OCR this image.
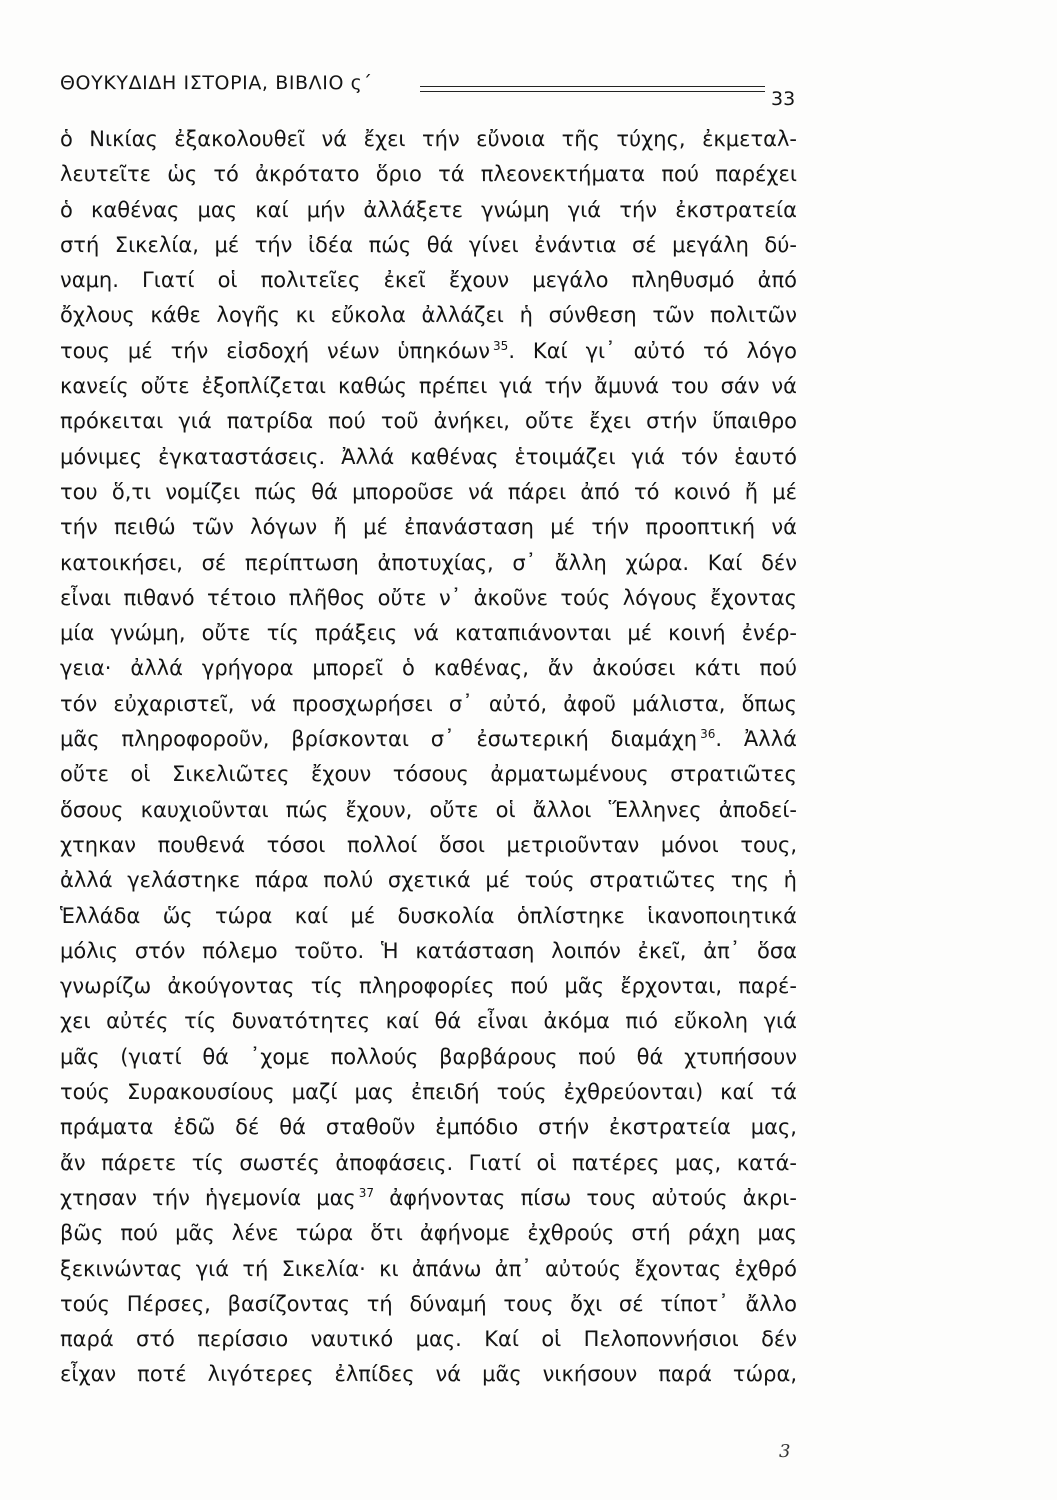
ΘΟΥΚΥΔΙΔΗ ΙΣΤΟΡΙΑ, ΒΙΒΛΙΟ ς΄
33
ὁ Νικίας ἐξακολουθεῖ νά ἔχει τήν εὔνοια τῆς τύχης, ἐκμεταλ-
λευτεῖτε ὡς τό ἀκρότατο ὅριο τά πλεονεκτήματα πού παρέχει
ὁ καθένας μας καί μήν ἀλλάξετε γνώμη γιά τήν ἐκστρατεία
στή Σικελία, μέ τήν ἰδέα πώς θά γίνει ἐνάντια σέ μεγάλη δύ-
ναμη. Γιατί οἱ πολιτεῖες ἐκεῖ ἔχουν μεγάλο πληθυσμό ἀπό
ὄχλους κάθε λογῆς κι εὔκολα ἀλλάζει ἡ σύνθεση τῶν πολιτῶν
τους μέ τήν εἰσδοχή νέων ὑπηκόων $^{35}$. Καί γι᾽ αὐτό τό λόγο
κανείς οὔτε ἐξοπλίζεται καθώς πρέπει γιά τήν ἄμυνά του σάν νά
πρόκειται γιά πατρίδα πού τοῦ ἀνήκει, οὔτε ἔχει στήν ὕπαιθρο
μόνιμες ἐγκαταστάσεις. Ἀλλά καθένας ἑτοιμάζει γιά τόν ἑαυτό
του ὅ,τι νομίζει πώς θά μποροῦσε νά πάρει ἀπό τό κοινό ἤ μέ
τήν πειθώ τῶν λόγων ἤ μέ ἐπανάσταση μέ τήν προοπτική νά
κατοικήσει, σέ περίπτωση ἀποτυχίας, σ᾽ ἄλλη χώρα. Καί δέν
εἶναι πιθανό τέτοιο πλῆθος οὔτε ν᾽ ἀκοῦνε τούς λόγους ἔχοντας
μία γνώμη, οὔτε τίς πράξεις νά καταπιάνονται μέ κοινή ἐνέρ-
γεια· ἀλλά γρήγορα μπορεῖ ὁ καθένας, ἄν ἀκούσει κάτι πού
τόν εὐχαριστεῖ, νά προσχωρήσει σ᾽ αὐτό, ἀφοῦ μάλιστα, ὅπως
μᾶς πληροφοροῦν, βρίσκονται σ᾽ ἐσωτερική διαμάχη $^{36}$. Ἀλλά
οὔτε οἱ Σικελιῶτες ἔχουν τόσους ἀρματωμένους στρατιῶτες
ὅσους καυχιοῦνται πώς ἔχουν, οὔτε οἱ ἄλλοι Ἕλληνες ἀποδεί-
χτηκαν πουθενά τόσοι πολλοί ὅσοι μετριοῦνταν μόνοι τους,
ἀλλά γελάστηκε πάρα πολύ σχετικά μέ τούς στρατιῶτες της ἡ
Ἑλλάδα ὥς τώρα καί μέ δυσκολία ὁπλίστηκε ἱκανοποιητικά
μόλις στόν πόλεμο τοῦτο. Ἡ κατάσταση λοιπόν ἐκεῖ, ἀπ᾽ ὅσα
γνωρίζω ἀκούγοντας τίς πληροφορίες πού μᾶς ἔρχονται, παρέ-
χει αὐτές τίς δυνατότητες καί θά εἶναι ἀκόμα πιό εὔκολη γιά
μᾶς (γιατί θά ᾽χομε πολλούς βαρβάρους πού θά χτυπήσουν
τούς Συρακουσίους μαζί μας ἐπειδή τούς ἐχθρεύονται) καί τά
πράματα ἐδῶ δέ θά σταθοῦν ἐμπόδιο στήν ἐκστρατεία μας,
ἄν πάρετε τίς σωστές ἀποφάσεις. Γιατί οἱ πατέρες μας, κατά-
χτησαν τήν ἡγεμονία μας $^{37}$ ἀφήνοντας πίσω τους αὐτούς ἀκρι-
βῶς πού μᾶς λένε τώρα ὅτι ἀφήνομε ἐχθρούς στή ράχη μας
ξεκινώντας γιά τή Σικελία· κι ἀπάνω ἀπ᾽ αὐτούς ἔχοντας ἐχθρό
τούς Πέρσες, βασίζοντας τή δύναμή τους ὄχι σέ τίποτ᾽ ἄλλο
παρά στό περίσσιο ναυτικό μας. Καί οἱ Πελοποννήσιοι δέν
εἶχαν ποτέ λιγότερες ἐλπίδες νά μᾶς νικήσουν παρά τώρα,
3
